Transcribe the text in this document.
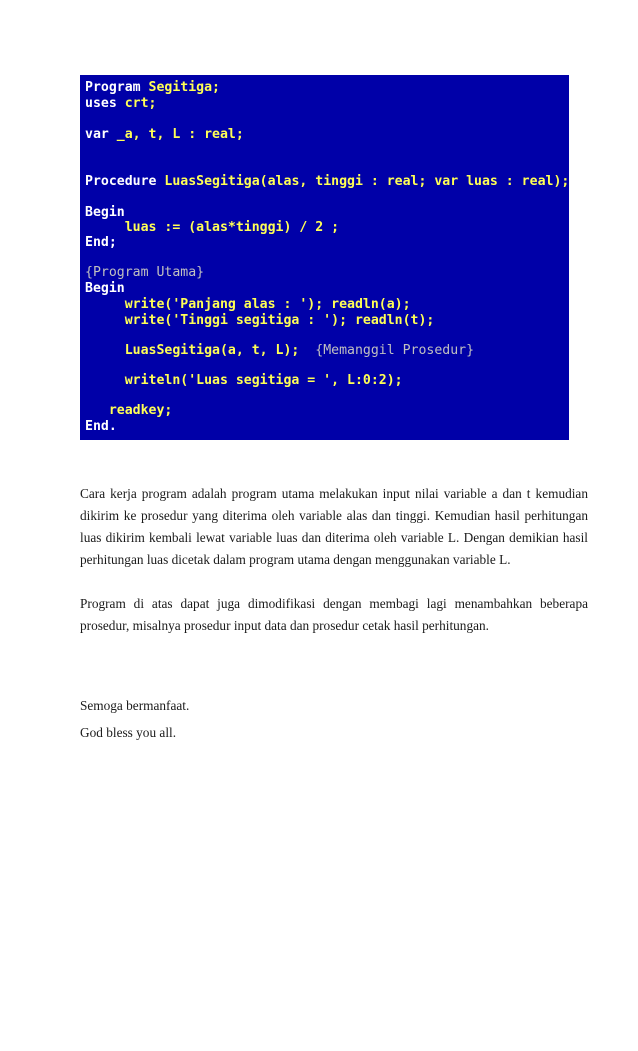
Program Segitiga;
uses crt;
var _a, t, L : real;
Procedure LuasSegitiga(alas, tinggi : real; var luas : real);
Begin
luas := (alas*tinggi) / 2 ;
End;
{Program Utama}
Begin
write('Panjang alas : '); readln(a);
write('Tinggi segitiga : '); readln(t);
LuasSegitiga(a, t, L);  {Memanggil Prosedur}
writeln('Luas segitiga = ', L:0:2);
readkey;
End.

Cara kerja program adalah program utama melakukan input nilai variable a dan t kemudian dikirim ke prosedur yang diterima oleh variable alas dan tinggi. Kemudian hasil perhitungan luas dikirim kembali lewat variable luas dan diterima oleh variable L. Dengan demikian hasil perhitungan luas dicetak dalam program utama dengan menggunakan variable L.

Program di atas dapat juga dimodifikasi dengan membagi lagi menambahkan beberapa prosedur, misalnya prosedur input data dan prosedur cetak hasil perhitungan.

Semoga bermanfaat.

God bless you all.
